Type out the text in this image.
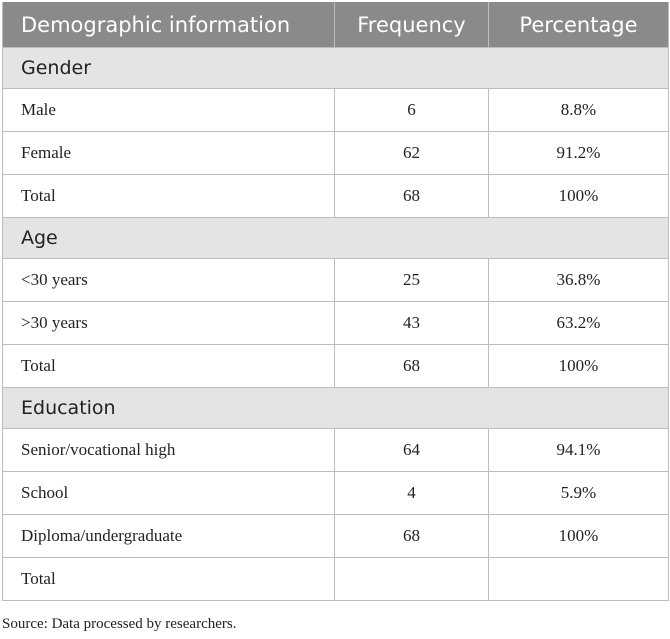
Demographic information	Frequency	Percentage
Gender		
Male	6	8.8%
Female	62	91.2%
Total	68	100%
Age		
<30 years	25	36.8%
>30 years	43	63.2%
Total	68	100%
Education		
Senior/vocational high	64	94.1%
School	4	5.9%
Diploma/undergraduate	68	100%
Total		
Source: Data processed by researchers.
